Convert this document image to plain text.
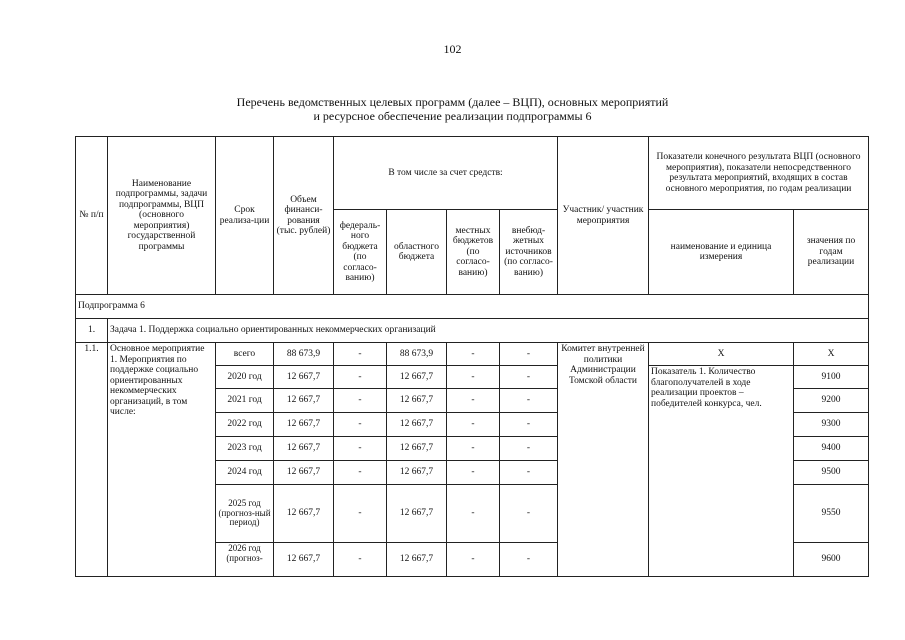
102
Перечень ведомственных целевых программ (далее – ВЦП), основных мероприятий
и ресурсное обеспечение реализации подпрограммы 6
№ п/п	Наименование подпрограммы, задачи подпрограммы, ВЦП (основного мероприятия) государственной программы	Срок реализа-ции	Объем финанси-рования (тыс. рублей)	В том числе за счет средств:				Участник/ участник мероприятия	Показатели конечного результата ВЦП (основного мероприятия), показатели непосредственного результата мероприятий, входящих в состав основного мероприятия, по годам реализации	
				федераль-ного бюджета (по согласо-ванию)	областного бюджета	местных бюджетов (по согласо-ванию)	внебюд-жетных источников (по согласо-ванию)		наименование и единица измерения	значения по годам реализации
Подпрограмма 6										
1.	Задача 1. Поддержка социально ориентированных некоммерческих организаций									
1.1.	Основное мероприятие 1. Мероприятия по поддержке социально ориентированных некоммерческих организаций, в том числе:	всего	88 673,9	-	88 673,9	-	-	Комитет внутренней политики Администрации Томской области	Х	Х
		2020 год	12 667,7	-	12 667,7	-	-		Показатель 1. Количество благополучателей в ходе реализации проектов – победителей конкурса, чел.	9100
		2021 год	12 667,7	-	12 667,7	-	-			9200
		2022 год	12 667,7	-	12 667,7	-	-			9300
		2023 год	12 667,7	-	12 667,7	-	-			9400
		2024 год	12 667,7	-	12 667,7	-	-			9500
		2025 год (прогноз-ный период)	12 667,7	-	12 667,7	-	-			9550
		2026 год (прогноз-	12 667,7	-	12 667,7	-	-			9600
